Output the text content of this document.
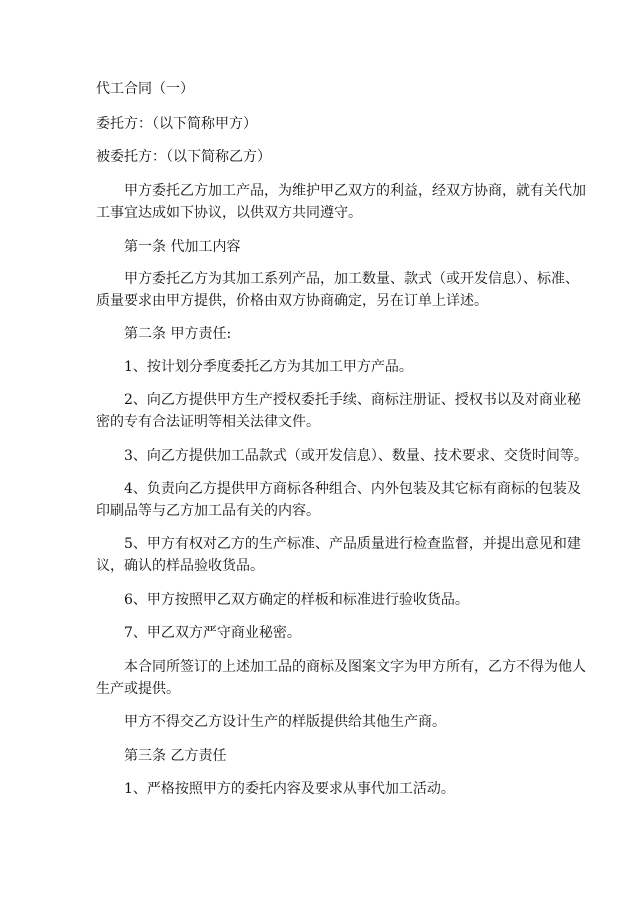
代工合同（一）
委托方：（以下简称甲方）
被委托方：（以下简称乙方）
甲方委托乙方加工产品，为维护甲乙双方的利益，经双方协商，就有关代加
工事宜达成如下协议，以供双方共同遵守。
第一条 代加工内容
甲方委托乙方为其加工系列产品，加工数量、款式（或开发信息）、标准、
质量要求由甲方提供，价格由双方协商确定，另在订单上详述。
第二条 甲方责任:
1、按计划分季度委托乙方为其加工甲方产品。
2、向乙方提供甲方生产授权委托手续、商标注册证、授权书以及对商业秘
密的专有合法证明等相关法律文件。
3、向乙方提供加工品款式（或开发信息）、数量、技术要求、交货时间等。
4、负责向乙方提供甲方商标各种组合、内外包装及其它标有商标的包装及
印刷品等与乙方加工品有关的内容。
5、甲方有权对乙方的生产标准、产品质量进行检查监督，并提出意见和建
议，确认的样品验收货品。
6、甲方按照甲乙双方确定的样板和标准进行验收货品。
7、甲乙双方严守商业秘密。
本合同所签订的上述加工品的商标及图案文字为甲方所有，乙方不得为他人
生产或提供。
甲方不得交乙方设计生产的样版提供给其他生产商。
第三条 乙方责任
1、严格按照甲方的委托内容及要求从事代加工活动。
